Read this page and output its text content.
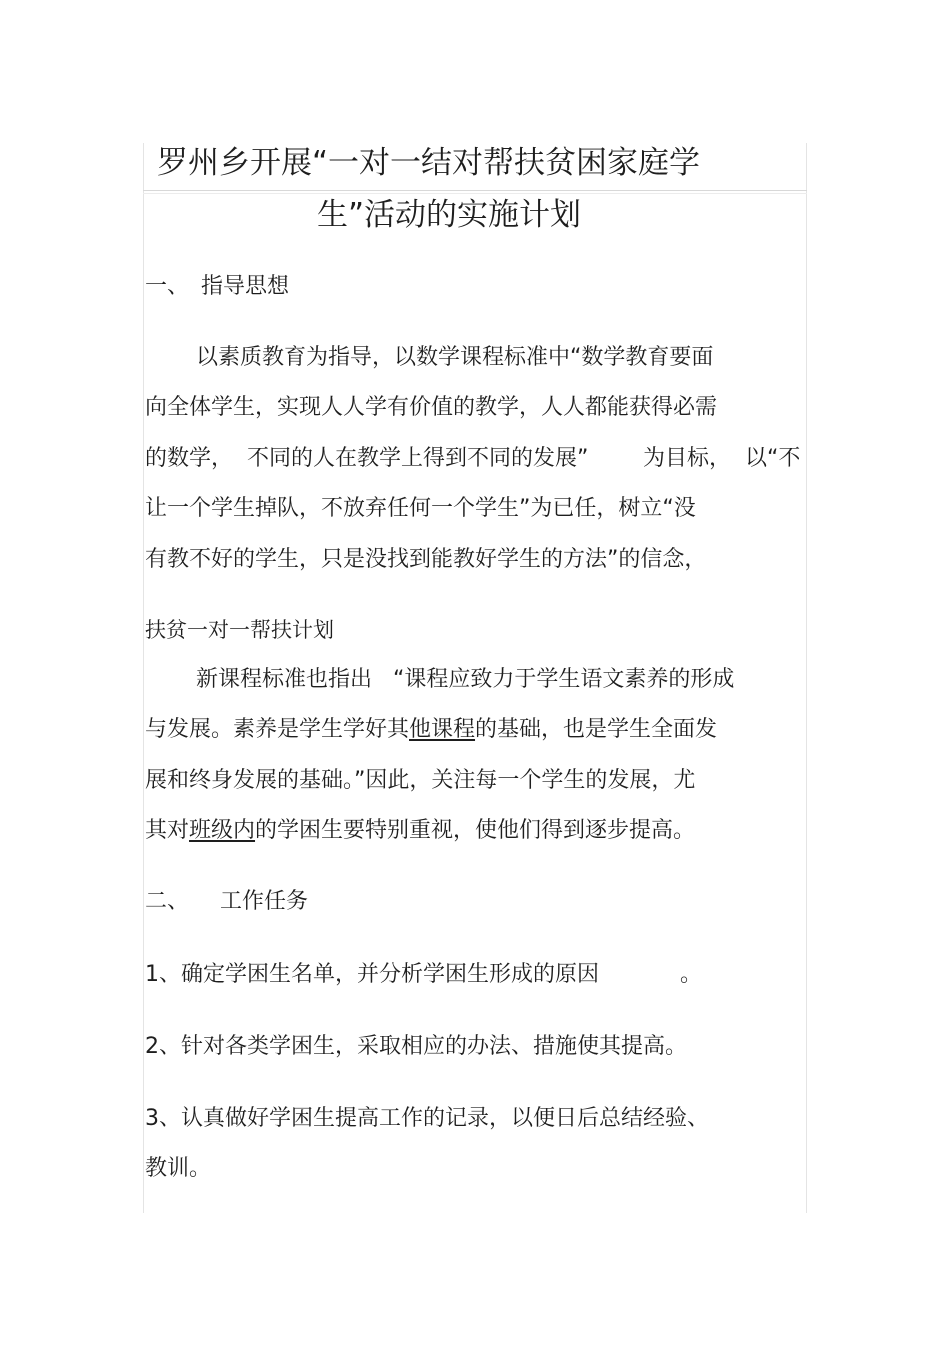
罗州乡开展“一对一结对帮扶贫困家庭学
生”活动的实施计划
一、 指导思想
以素质教育为指导，以数学课程标准中“数学教育要面
向全体学生，实现人人学有价值的教学，人人都能获得必需
的数学，  不同的人在教学上得到不同的发展” 为目标，  以“不
让一个学生掉队，不放弃任何一个学生”为已任，树立“没
有教不好的学生，只是没找到能教好学生的方法”的信念，
扶贫一对一帮扶计划
新课程标准也指出   “课程应致力于学生语文素养的形成
与发展。素养是学生学好其他课程的基础，也是学生全面发
展和终身发展的基础。”因此，关注每一个学生的发展，尤
其对班级内的学困生要特别重视，使他们得到逐步提高。
二、 工作任务
1、确定学困生名单，并分析学困生形成的原因	。
2、针对各类学困生，采取相应的办法、措施使其提高。
3、认真做好学困生提高工作的记录，以便日后总结经验、
教训。
